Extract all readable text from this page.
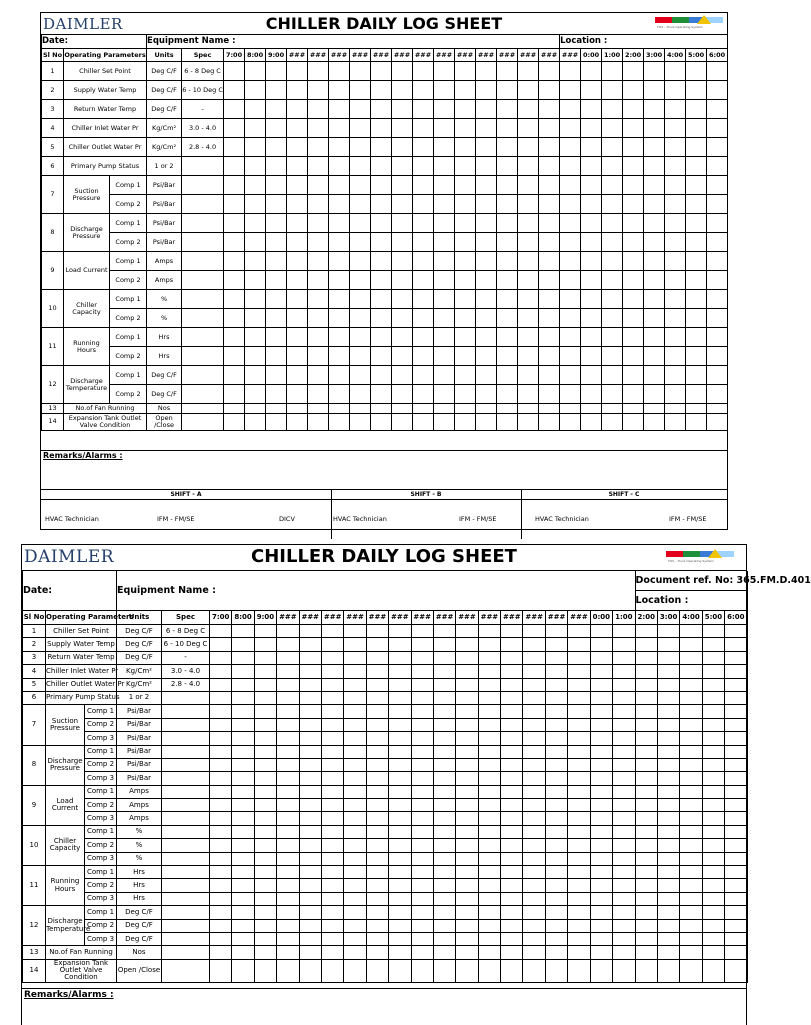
DAIMLER	CHILLER DAILY LOG SHEET	TOS – Truck Operating System
Date:			Equipment Name :																		Location :							
Sl No	Operating Parameters		Units	Spec	7:00	8:00	9:00	###	###	###	###	###	###	###	###	###	###	###	###	###	###	0:00	1:00	2:00	3:00	4:00	5:00	6:00
1	Chiller Set Point		Deg C/F	6 - 8 Deg C																								
2	Supply Water Temp		Deg C/F	6 - 10 Deg C																								
3	Return Water Temp		Deg C/F	-																								
4	Chiller Inlet Water Pr		Kg/Cm²	3.0 - 4.0																								
5	Chiller Outlet Water Pr		Kg/Cm²	2.8 - 4.0																								
6	Primary Pump Status		1 or 2																									
7	Suction Pressure	Comp 1	Psi/Bar																									
		Comp 2	Psi/Bar																									
8	Discharge Pressure	Comp 1	Psi/Bar																									
		Comp 2	Psi/Bar																									
9	Load Current	Comp 1	Amps																									
		Comp 2	Amps																									
10	Chiller Capacity	Comp 1	%																									
		Comp 2	%																									
11	Running Hours	Comp 1	Hrs																									
		Comp 2	Hrs																									
12	Discharge Temperature	Comp 1	Deg C/F																									
		Comp 2	Deg C/F																									
13	No.of Fan Running		Nos																									
14	Expansion Tank Outlet Valve Condition		Open /Close																									
Remarks/Alarms :
SHIFT - A	SHIFT - B	SHIFT - C
HVAC Technician	IFM - FM/SE	DICV	HVAC Technician	IFM - FM/SE	HVAC Technician	IFM - FM/SE
DAIMLER	CHILLER DAILY LOG SHEET	TOS – Truck Operating System
Date:			Equipment Name :																					Document ref. No: 365.FM.D.401				
																								Location :				
Sl No	Operating Parameters		Units	Spec	7:00	8:00	9:00	###	###	###	###	###	###	###	###	###	###	###	###	###	###	0:00	1:00	2:00	3:00	4:00	5:00	6:00
1	Chiller Set Point		Deg C/F	6 - 8 Deg C																								
2	Supply Water Temp		Deg C/F	6 - 10 Deg C																								
3	Return Water Temp		Deg C/F	-																								
4	Chiller Inlet Water Pr		Kg/Cm²	3.0 - 4.0																								
5	Chiller Outlet Water Pr		Kg/Cm²	2.8 - 4.0																								
6	Primary Pump Status		1 or 2																									
7	Suction Pressure	Comp 1	Psi/Bar																									
		Comp 2	Psi/Bar																									
		Comp 3	Psi/Bar																									
8	Discharge Pressure	Comp 1	Psi/Bar																									
		Comp 2	Psi/Bar																									
		Comp 3	Psi/Bar																									
9	Load Current	Comp 1	Amps																									
		Comp 2	Amps																									
		Comp 3	Amps																									
10	Chiller Capacity	Comp 1	%																									
		Comp 2	%																									
		Comp 3	%																									
11	Running Hours	Comp 1	Hrs																									
		Comp 2	Hrs																									
		Comp 3	Hrs																									
12	Discharge Temperature	Comp 1	Deg C/F																									
		Comp 2	Deg C/F																									
		Comp 3	Deg C/F																									
13	No.of Fan Running		Nos																									
14	Expansion Tank Outlet Valve Condition		Open /Close																									
Remarks/Alarms :
